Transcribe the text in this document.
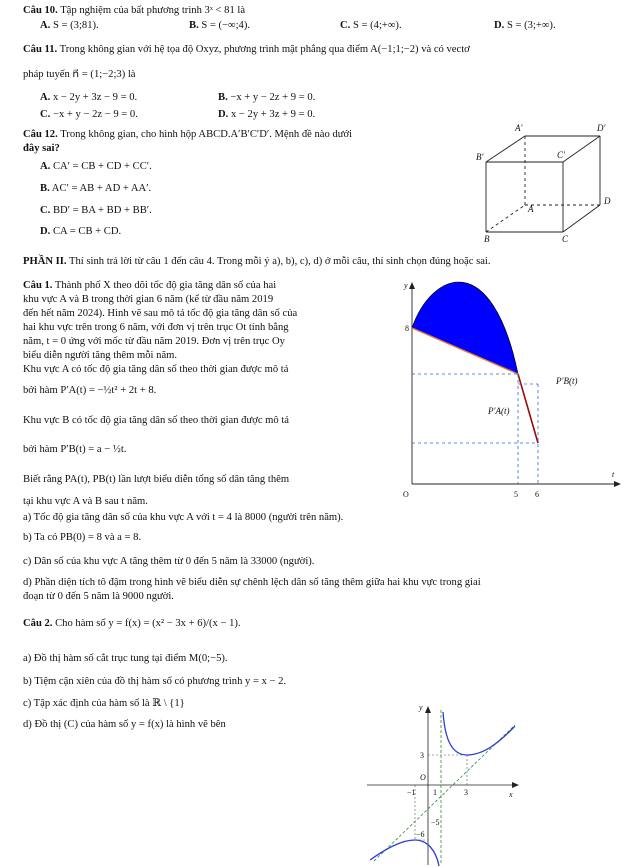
Câu 10. Tập nghiệm của bất phương trình 3ˣ < 81 là
A. S = (3;81).	B. S = (−∞;4).	C. S = (4;+∞).	D. S = (3;+∞).
Câu 11. Trong không gian với hệ tọa độ Oxyz, phương trình mặt phẳng qua điểm A(−1;1;−2) và có vectơ
pháp tuyến n⃗ = (1;−2;3) là
A. x − 2y + 3z − 9 = 0.	B. −x + y − 2z + 9 = 0.
C. −x + y − 2z − 9 = 0.	D. x − 2y + 3z + 9 = 0.
Câu 12. Trong không gian, cho hình hộp ABCD.A′B′C′D′. Mệnh đề nào dưới
đây sai?
A. CA′ = CB + CD + CC′.
B. AC′ = AB + AD + AA′.
C. BD′ = BA + BD + BB′.
D. CA = CB + CD.
A′	D′
B′	C′
A
D
B	C
PHẦN II. Thí sinh trả lời từ câu 1 đến câu 4. Trong mỗi ý a), b), c), d) ở mỗi câu, thí sinh chọn đúng hoặc sai.
Câu 1. Thành phố X theo dõi tốc độ gia tăng dân số của hai
khu vực A và B trong thời gian 6 năm (kể từ đầu năm 2019
đến hết năm 2024). Hình vẽ sau mô tả tốc độ gia tăng dân số của
hai khu vực trên trong 6 năm, với đơn vị trên trục Ot tính bằng
năm, t = 0 ứng với mốc từ đầu năm 2019. Đơn vị trên trục Oy
biểu diễn người tăng thêm mỗi năm.
Khu vực A có tốc độ gia tăng dân số theo thời gian được mô tả
bởi hàm P′A(t) = −½t² + 2t + 8.
Khu vực B có tốc độ gia tăng dân số theo thời gian được mô tả
bởi hàm P′B(t) = a − ½t.
Biết rằng PA(t), PB(t) lần lượt biểu diễn tổng số dân tăng thêm
tại khu vực A và B sau t năm.
a) Tốc độ gia tăng dân số của khu vực A với t = 4 là 8000 (người trên năm).
b) Ta có PB(0) = 8 và a = 8.
c) Dân số của khu vực A tăng thêm từ 0 đến 5 năm là 33000 (người).
d) Phần diện tích tô đậm trong hình vẽ biểu diễn sự chênh lệch dân số tăng thêm giữa hai khu vực trong giai
đoạn từ 0 đến 5 năm là 9000 người.
y
t
8
O	5 6
P′B(t)
P′A(t)
Câu 2. Cho hàm số y = f(x) = (x² − 3x + 6)/(x − 1).
a) Đồ thị hàm số cắt trục tung tại điểm M(0;−5).
b) Tiệm cận xiên của đồ thị hàm số có phương trình y = x − 2.
c) Tập xác định của hàm số là ℝ \ {1}
d) Đồ thị (C) của hàm số y = f(x) là hình vẽ bên
y
x
O
3
−1 1	3
−5
−6
